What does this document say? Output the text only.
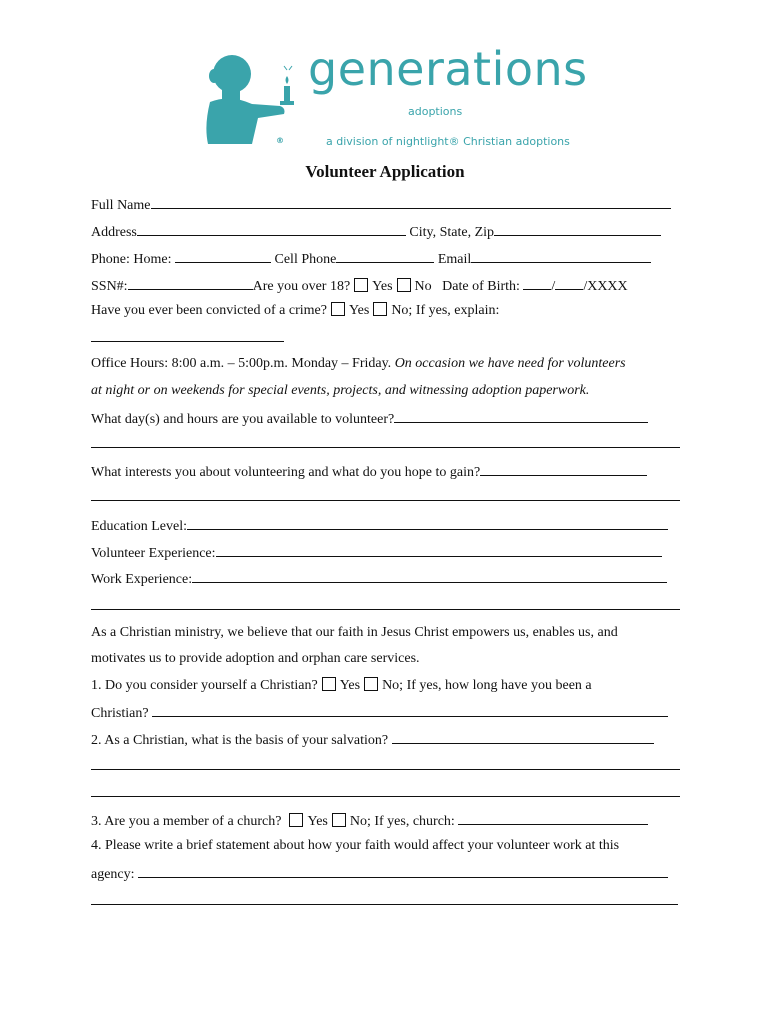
generations
adoptions
®	a division of nightlight® Christian adoptions
Volunteer Application
Full Name
Address	City, State, Zip
Phone: Home:	Cell Phone	Email
SSN#:	Are you over 18? Yes No Date of Birth: / /XXXX
Have you ever been convicted of a crime? Yes No; If yes, explain:
Office Hours: 8:00 a.m. – 5:00p.m. Monday – Friday. On occasion we have need for volunteers
at night or on weekends for special events, projects, and witnessing adoption paperwork.
What day(s) and hours are you available to volunteer?
What interests you about volunteering and what do you hope to gain?
Education Level:
Volunteer Experience:
Work Experience:
As a Christian ministry, we believe that our faith in Jesus Christ empowers us, enables us, and
motivates us to provide adoption and orphan care services.
1. Do you consider yourself a Christian? Yes No; If yes, how long have you been a
Christian?
2. As a Christian, what is the basis of your salvation?
3. Are you a member of a church? Yes No; If yes, church:
4. Please write a brief statement about how your faith would affect your volunteer work at this
agency:
